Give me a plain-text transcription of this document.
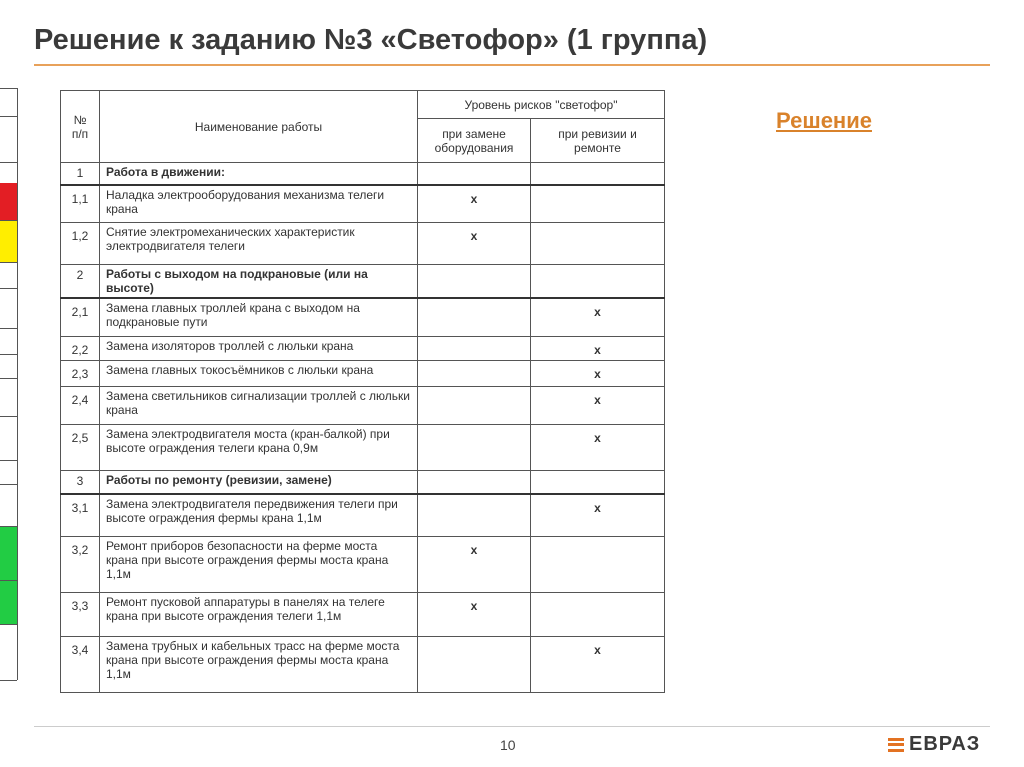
Решение к заданию №3 «Светофор» (1 группа)
№
п/п	Наименование работы	Уровень рисков "светофор"	
		при замене оборудования	при ревизии и ремонте
1	Работа в движении:		
1,1	Наладка электрооборудования механизма телеги крана	х	
1,2	Снятие электромеханических характеристик электродвигателя телеги	х	
2	Работы с выходом на подкрановые (или на высоте)		
2,1	Замена главных троллей крана с выходом на подкрановые пути		х
2,2	Замена изоляторов троллей с люльки крана		х
2,3	Замена главных токосъёмников с люльки крана		х
2,4	Замена светильников сигнализации троллей с люльки крана		х
2,5	Замена электродвигателя моста (кран-балкой) при высоте ограждения телеги крана 0,9м		х
3	Работы по ремонту (ревизии, замене)		
3,1	Замена электродвигателя передвижения телеги при высоте ограждения фермы крана 1,1м		х
3,2	Ремонт приборов безопасности на ферме моста крана при высоте ограждения фермы моста крана 1,1м	х	
3,3	Ремонт пусковой аппаратуры в панелях на телеге крана при высоте ограждения телеги 1,1м	х	
3,4	Замена трубных и кабельных трасс на ферме моста крана при высоте ограждения фермы моста крана 1,1м		х
Решение
10	ЕВРАЗ
